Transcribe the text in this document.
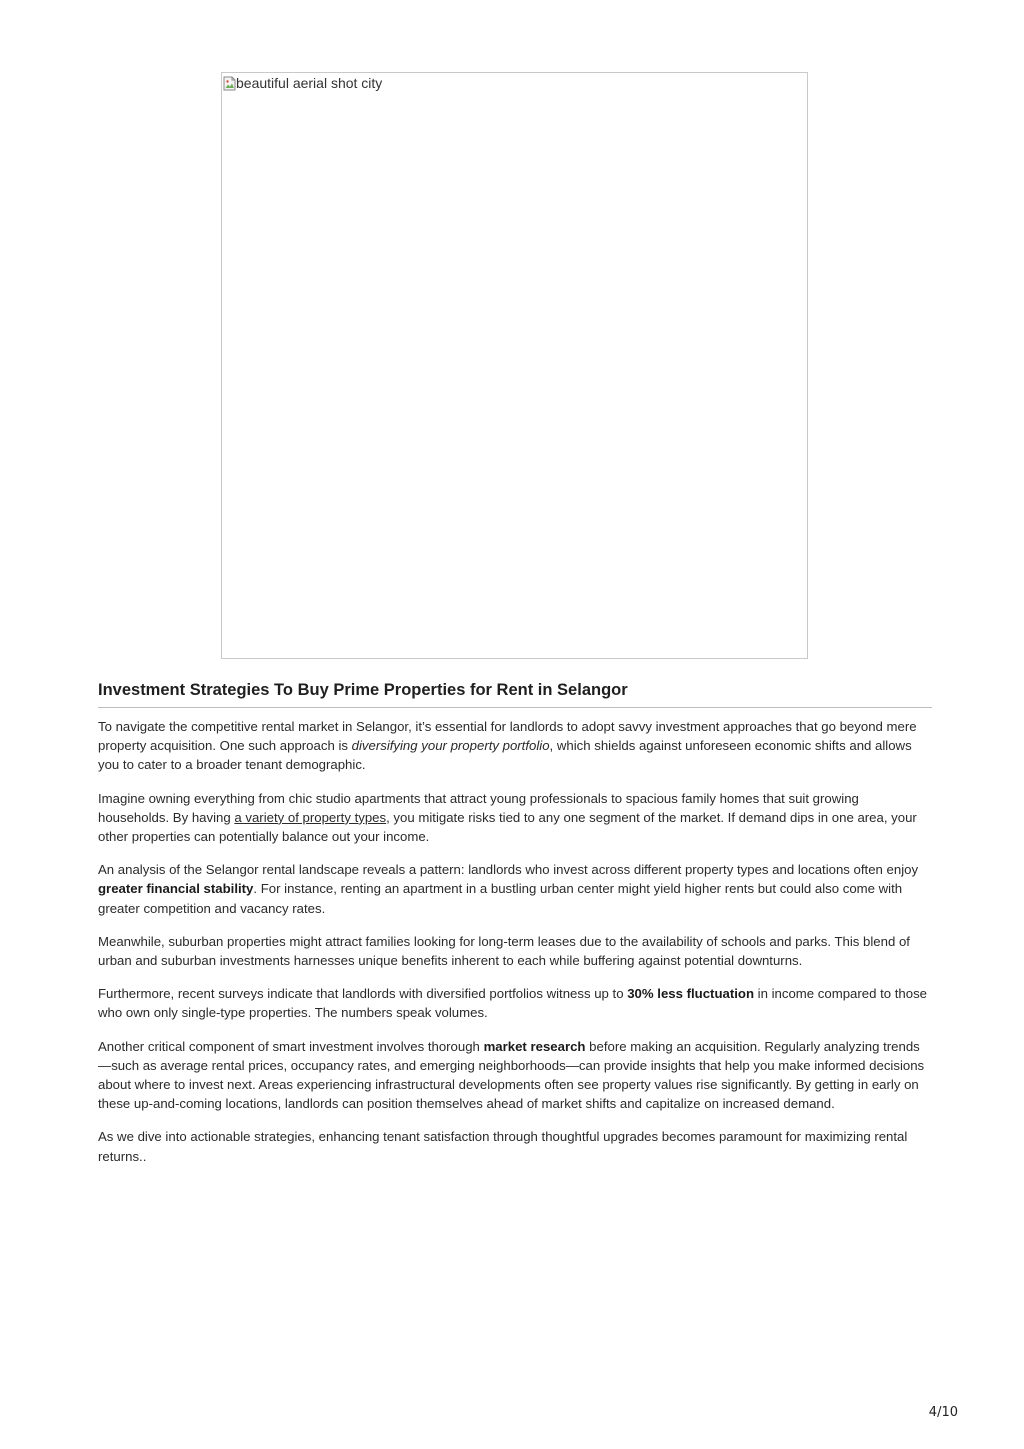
beautiful aerial shot city
Investment Strategies To Buy Prime Properties for Rent in Selangor

To navigate the competitive rental market in Selangor, it’s essential for landlords to adopt savvy investment approaches that go beyond mere property acquisition. One such approach is diversifying your property portfolio, which shields against unforeseen economic shifts and allows you to cater to a broader tenant demographic.

Imagine owning everything from chic studio apartments that attract young professionals to spacious family homes that suit growing households. By having a variety of property types, you mitigate risks tied to any one segment of the market. If demand dips in one area, your other properties can potentially balance out your income.

An analysis of the Selangor rental landscape reveals a pattern: landlords who invest across different property types and locations often enjoy greater financial stability. For instance, renting an apartment in a bustling urban center might yield higher rents but could also come with greater competition and vacancy rates.

Meanwhile, suburban properties might attract families looking for long-term leases due to the availability of schools and parks. This blend of urban and suburban investments harnesses unique benefits inherent to each while buffering against potential downturns.

Furthermore, recent surveys indicate that landlords with diversified portfolios witness up to 30% less fluctuation in income compared to those who own only single-type properties. The numbers speak volumes.

Another critical component of smart investment involves thorough market research before making an acquisition. Regularly analyzing trends—such as average rental prices, occupancy rates, and emerging neighborhoods—can provide insights that help you make informed decisions about where to invest next. Areas experiencing infrastructural developments often see property values rise significantly. By getting in early on these up-and-coming locations, landlords can position themselves ahead of market shifts and capitalize on increased demand.

As we dive into actionable strategies, enhancing tenant satisfaction through thoughtful upgrades becomes paramount for maximizing rental returns..

4/10
